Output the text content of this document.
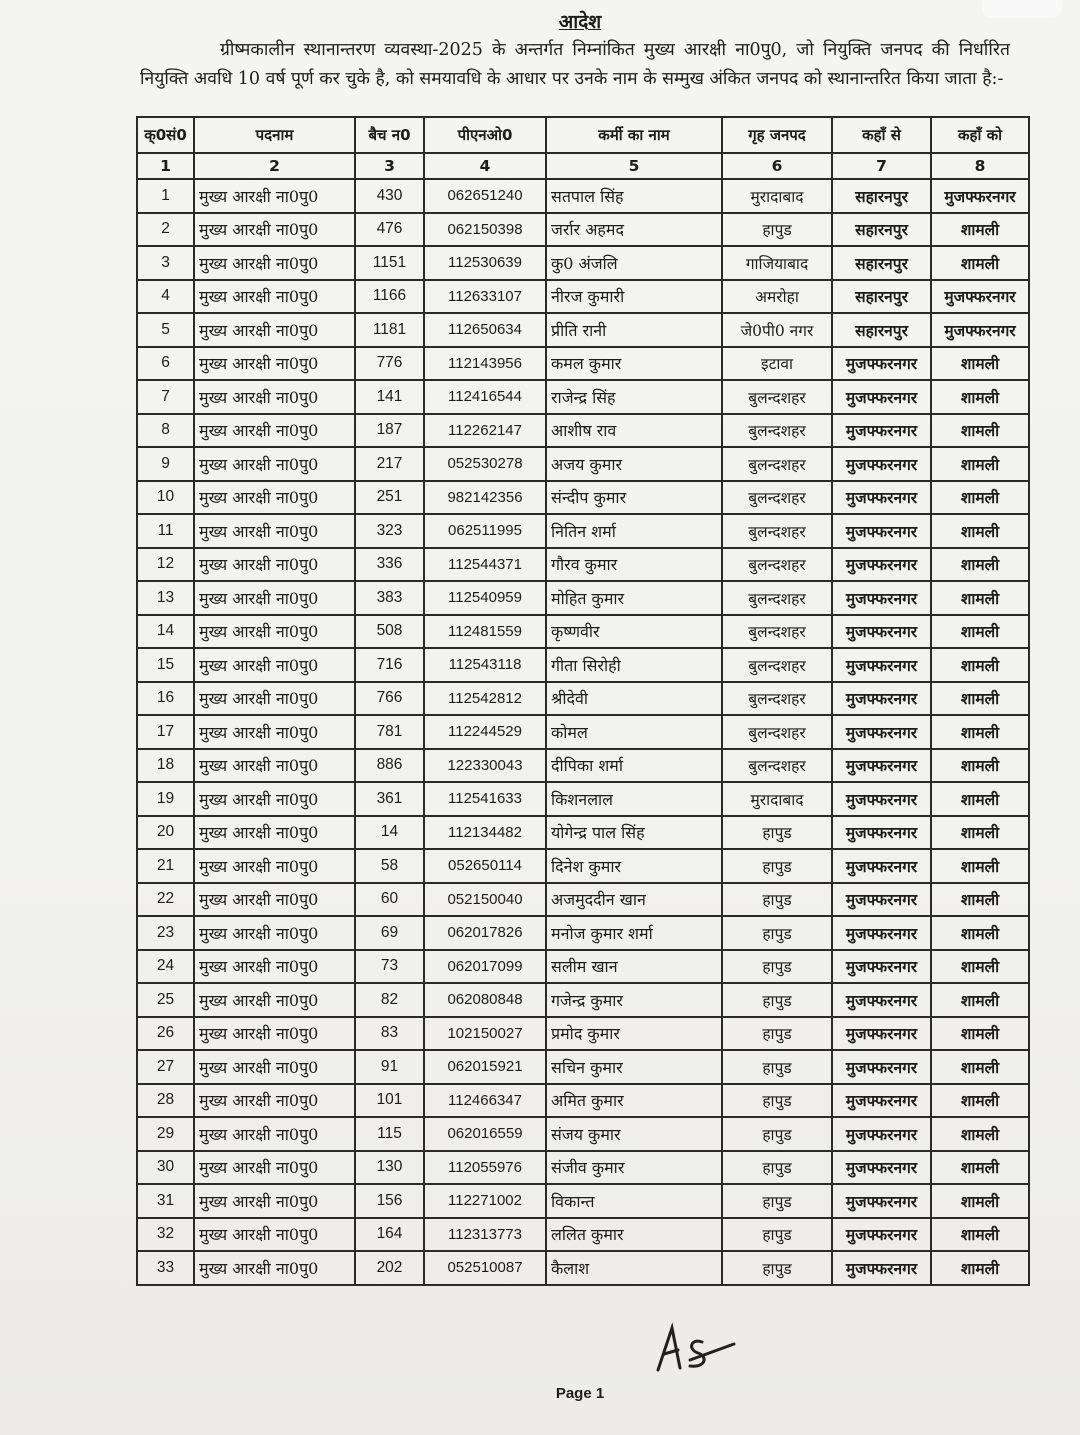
आदेश
ग्रीष्मकालीन स्थानान्तरण व्यवस्था-2025 के अन्तर्गत निम्नांकित मुख्य आरक्षी ना0पु0, जो नियुक्ति जनपद की निर्धारित नियुक्ति अवधि 10 वर्ष पूर्ण कर चुके है, को समयावधि के आधार पर उनके नाम के सम्मुख अंकित जनपद को स्थानान्तरित किया जाता है:-
क्0सं0	पदनाम	बैच न0	पीएनओ0	कर्मी का नाम	गृह जनपद	कहाँ से	कहाँ को
1	2	3	4	5	6	7	8
1	मुख्य आरक्षी ना0पु0	430	062651240	सतपाल सिंह	मुरादाबाद	सहारनपुर	मुजफ्फरनगर
2	मुख्य आरक्षी ना0पु0	476	062150398	जर्रार अहमद	हापुड	सहारनपुर	शामली
3	मुख्य आरक्षी ना0पु0	1151	112530639	कु0 अंजलि	गाजियाबाद	सहारनपुर	शामली
4	मुख्य आरक्षी ना0पु0	1166	112633107	नीरज कुमारी	अमरोहा	सहारनपुर	मुजफ्फरनगर
5	मुख्य आरक्षी ना0पु0	1181	112650634	प्रीति रानी	जे0पी0 नगर	सहारनपुर	मुजफ्फरनगर
6	मुख्य आरक्षी ना0पु0	776	112143956	कमल कुमार	इटावा	मुजफ्फरनगर	शामली
7	मुख्य आरक्षी ना0पु0	141	112416544	राजेन्द्र सिंह	बुलन्दशहर	मुजफ्फरनगर	शामली
8	मुख्य आरक्षी ना0पु0	187	112262147	आशीष राव	बुलन्दशहर	मुजफ्फरनगर	शामली
9	मुख्य आरक्षी ना0पु0	217	052530278	अजय कुमार	बुलन्दशहर	मुजफ्फरनगर	शामली
10	मुख्य आरक्षी ना0पु0	251	982142356	संन्दीप कुमार	बुलन्दशहर	मुजफ्फरनगर	शामली
11	मुख्य आरक्षी ना0पु0	323	062511995	नितिन शर्मा	बुलन्दशहर	मुजफ्फरनगर	शामली
12	मुख्य आरक्षी ना0पु0	336	112544371	गौरव कुमार	बुलन्दशहर	मुजफ्फरनगर	शामली
13	मुख्य आरक्षी ना0पु0	383	112540959	मोहित कुमार	बुलन्दशहर	मुजफ्फरनगर	शामली
14	मुख्य आरक्षी ना0पु0	508	112481559	कृष्णवीर	बुलन्दशहर	मुजफ्फरनगर	शामली
15	मुख्य आरक्षी ना0पु0	716	112543118	गीता सिरोही	बुलन्दशहर	मुजफ्फरनगर	शामली
16	मुख्य आरक्षी ना0पु0	766	112542812	श्रीदेवी	बुलन्दशहर	मुजफ्फरनगर	शामली
17	मुख्य आरक्षी ना0पु0	781	112244529	कोमल	बुलन्दशहर	मुजफ्फरनगर	शामली
18	मुख्य आरक्षी ना0पु0	886	122330043	दीपिका शर्मा	बुलन्दशहर	मुजफ्फरनगर	शामली
19	मुख्य आरक्षी ना0पु0	361	112541633	किशनलाल	मुरादाबाद	मुजफ्फरनगर	शामली
20	मुख्य आरक्षी ना0पु0	14	112134482	योगेन्द्र पाल सिंह	हापुड	मुजफ्फरनगर	शामली
21	मुख्य आरक्षी ना0पु0	58	052650114	दिनेश कुमार	हापुड	मुजफ्फरनगर	शामली
22	मुख्य आरक्षी ना0पु0	60	052150040	अजमुददीन खान	हापुड	मुजफ्फरनगर	शामली
23	मुख्य आरक्षी ना0पु0	69	062017826	मनोज कुमार शर्मा	हापुड	मुजफ्फरनगर	शामली
24	मुख्य आरक्षी ना0पु0	73	062017099	सलीम खान	हापुड	मुजफ्फरनगर	शामली
25	मुख्य आरक्षी ना0पु0	82	062080848	गजेन्द्र कुमार	हापुड	मुजफ्फरनगर	शामली
26	मुख्य आरक्षी ना0पु0	83	102150027	प्रमोद कुमार	हापुड	मुजफ्फरनगर	शामली
27	मुख्य आरक्षी ना0पु0	91	062015921	सचिन कुमार	हापुड	मुजफ्फरनगर	शामली
28	मुख्य आरक्षी ना0पु0	101	112466347	अमित कुमार	हापुड	मुजफ्फरनगर	शामली
29	मुख्य आरक्षी ना0पु0	115	062016559	संजय कुमार	हापुड	मुजफ्फरनगर	शामली
30	मुख्य आरक्षी ना0पु0	130	112055976	संजीव कुमार	हापुड	मुजफ्फरनगर	शामली
31	मुख्य आरक्षी ना0पु0	156	112271002	विकान्त	हापुड	मुजफ्फरनगर	शामली
32	मुख्य आरक्षी ना0पु0	164	112313773	ललित कुमार	हापुड	मुजफ्फरनगर	शामली
33	मुख्य आरक्षी ना0पु0	202	052510087	कैलाश	हापुड	मुजफ्फरनगर	शामली
Page 1
